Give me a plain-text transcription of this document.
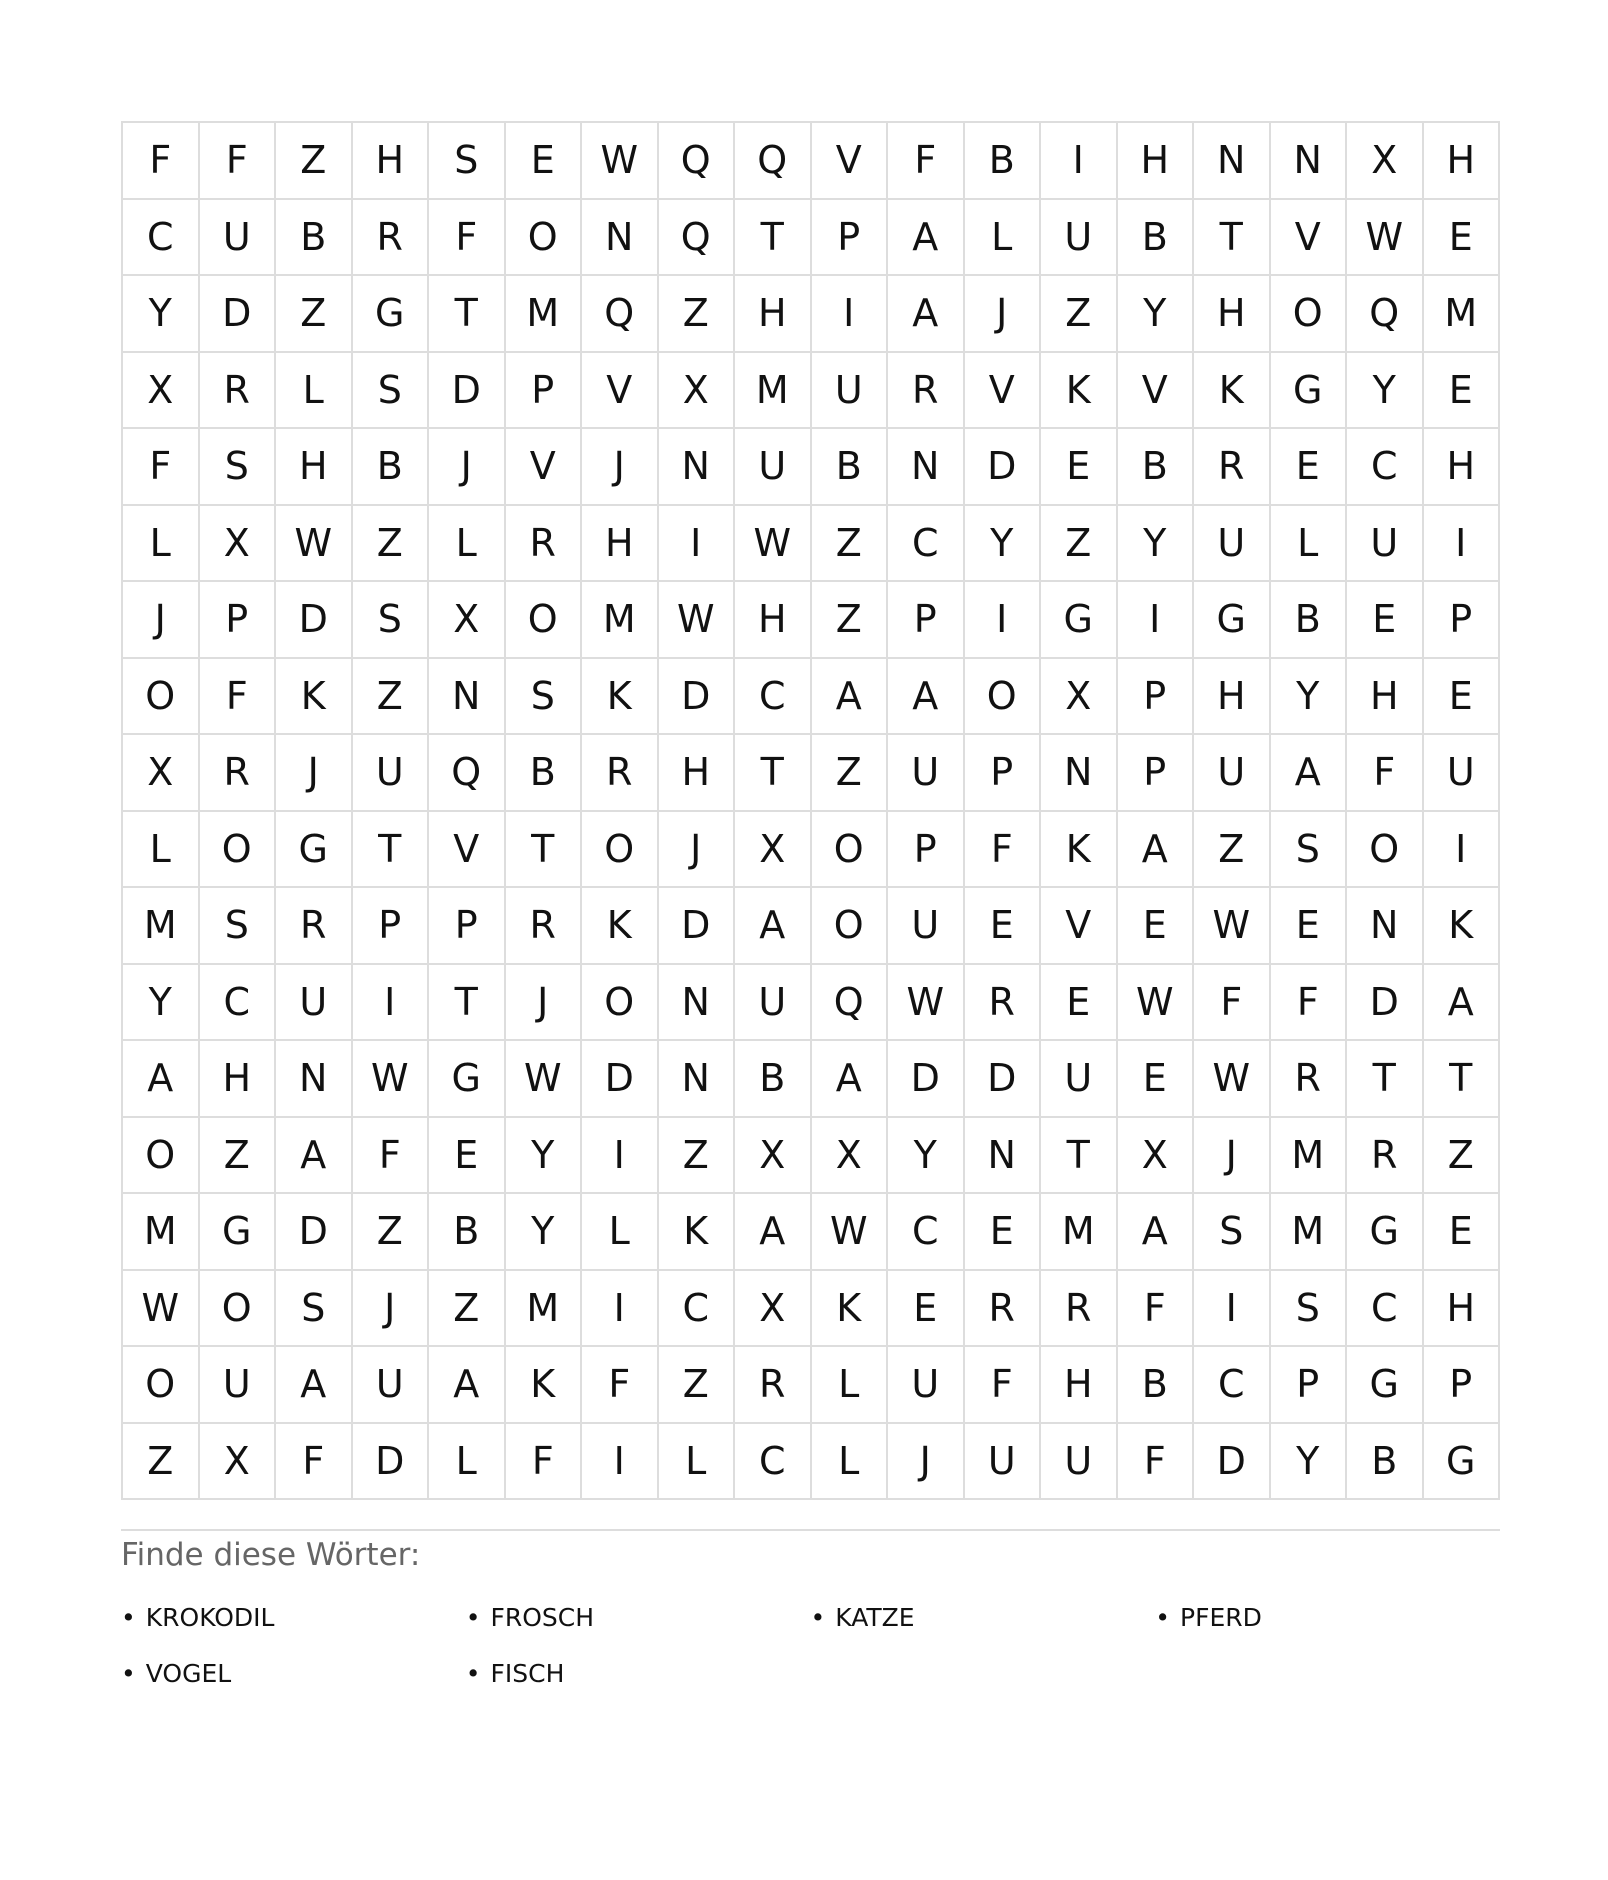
F	F	Z	H	S	E	W	Q	Q	V	F	B	I	H	N	N	X	H
C	U	B	R	F	O	N	Q	T	P	A	L	U	B	T	V	W	E
Y	D	Z	G	T	M	Q	Z	H	I	A	J	Z	Y	H	O	Q	M
X	R	L	S	D	P	V	X	M	U	R	V	K	V	K	G	Y	E
F	S	H	B	J	V	J	N	U	B	N	D	E	B	R	E	C	H
L	X	W	Z	L	R	H	I	W	Z	C	Y	Z	Y	U	L	U	I
J	P	D	S	X	O	M	W	H	Z	P	I	G	I	G	B	E	P
O	F	K	Z	N	S	K	D	C	A	A	O	X	P	H	Y	H	E
X	R	J	U	Q	B	R	H	T	Z	U	P	N	P	U	A	F	U
L	O	G	T	V	T	O	J	X	O	P	F	K	A	Z	S	O	I
M	S	R	P	P	R	K	D	A	O	U	E	V	E	W	E	N	K
Y	C	U	I	T	J	O	N	U	Q	W	R	E	W	F	F	D	A
A	H	N	W	G	W	D	N	B	A	D	D	U	E	W	R	T	T
O	Z	A	F	E	Y	I	Z	X	X	Y	N	T	X	J	M	R	Z
M	G	D	Z	B	Y	L	K	A	W	C	E	M	A	S	M	G	E
W	O	S	J	Z	M	I	C	X	K	E	R	R	F	I	S	C	H
O	U	A	U	A	K	F	Z	R	L	U	F	H	B	C	P	G	P
Z	X	F	D	L	F	I	L	C	L	J	U	U	F	D	Y	B	G
Finde diese Wörter:
• KROKODIL	• FROSCH	• KATZE	• PFERD
• VOGEL	• FISCH
